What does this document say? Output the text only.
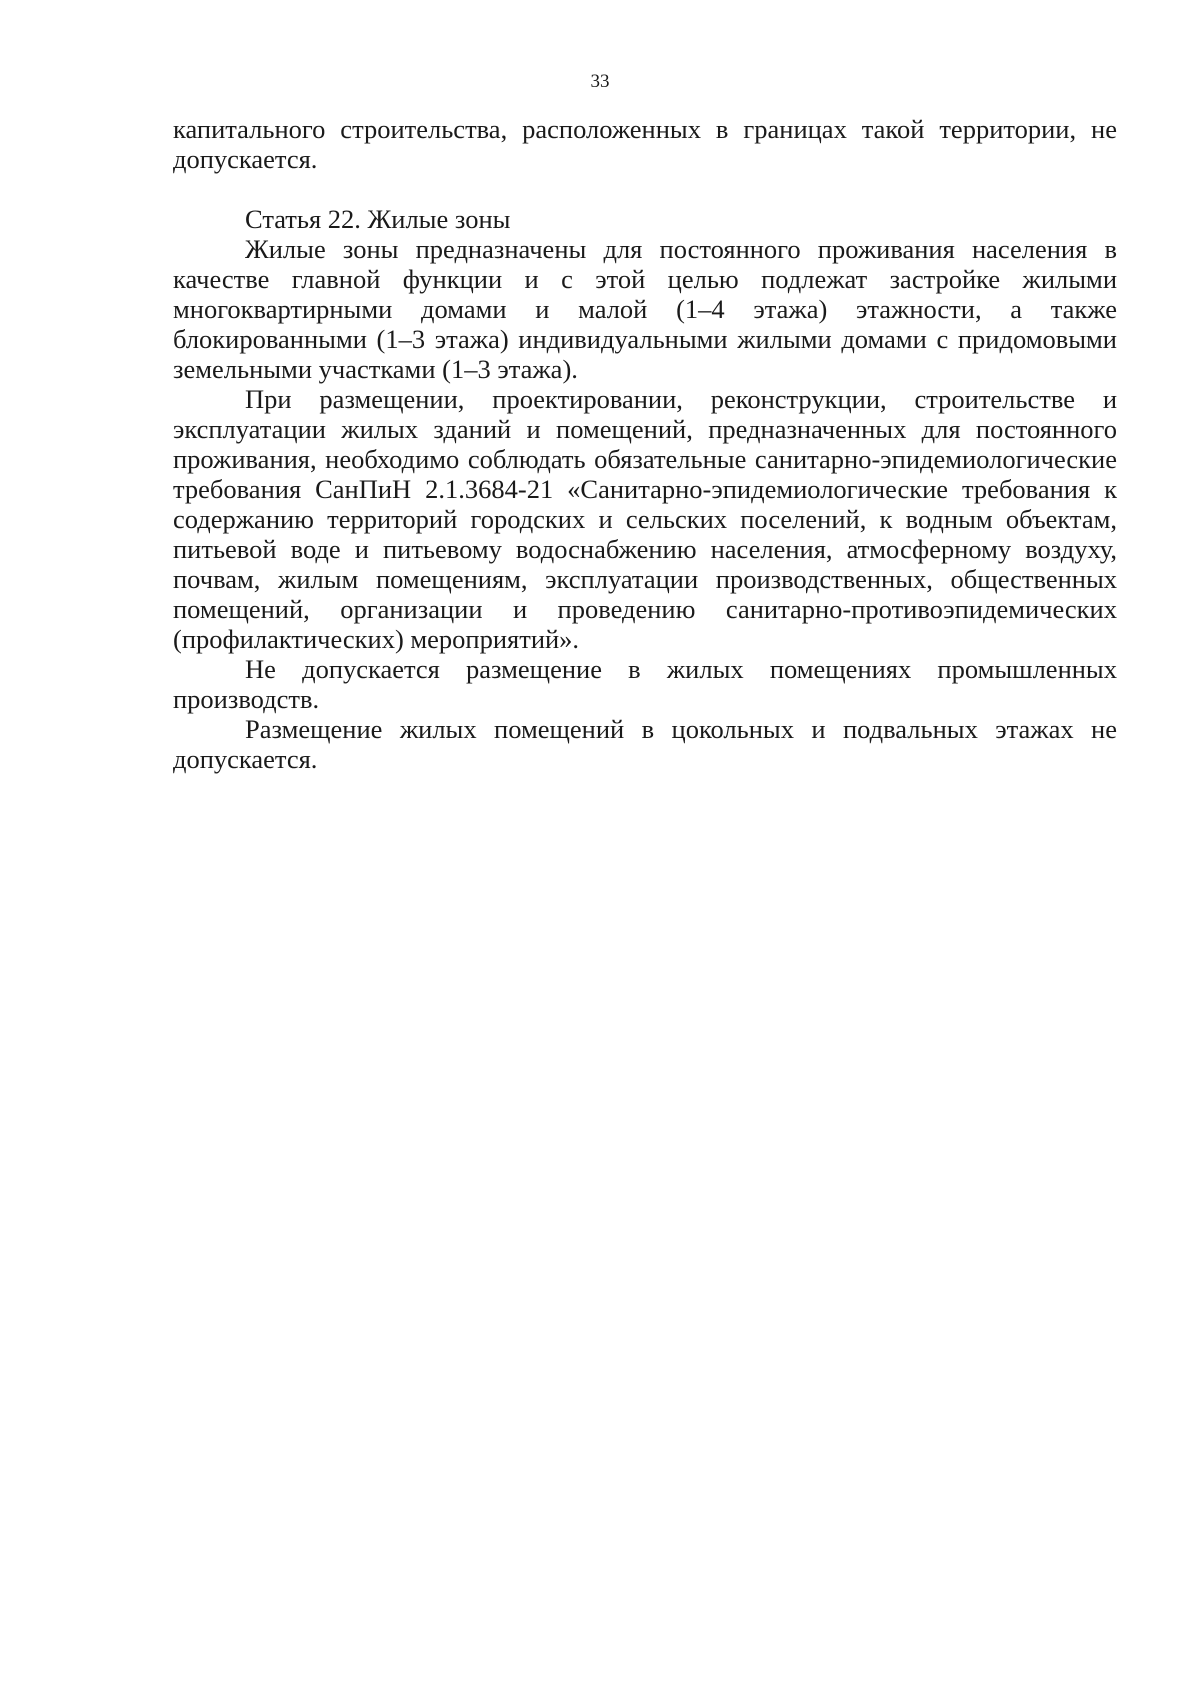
33

капитального строительства, расположенных в границах такой территории, не допускается.

Статья 22. Жилые зоны

Жилые зоны предназначены для постоянного проживания населения в качестве главной функции и с этой целью подлежат застройке жилыми многоквартирными домами и малой (1–4 этажа) этажности, а также блокированными (1–3 этажа) индивидуальными жилыми домами с придомовыми земельными участками (1–3 этажа).

При размещении, проектировании, реконструкции, строительстве и эксплуатации жилых зданий и помещений, предназначенных для постоянного проживания, необходимо соблюдать обязательные санитарно-эпидемиологические требования СанПиН 2.1.3684-21 «Санитарно-эпидемиологические требования к содержанию территорий городских и сельских поселений, к водным объектам, питьевой воде и питьевому водоснабжению населения, атмосферному воздуху, почвам, жилым помещениям, эксплуатации производственных, общественных помещений, организации и проведению санитарно-противоэпидемических (профилактических) мероприятий».

Не допускается размещение в жилых помещениях промышленных производств.

Размещение жилых помещений в цокольных и подвальных этажах не допускается.
